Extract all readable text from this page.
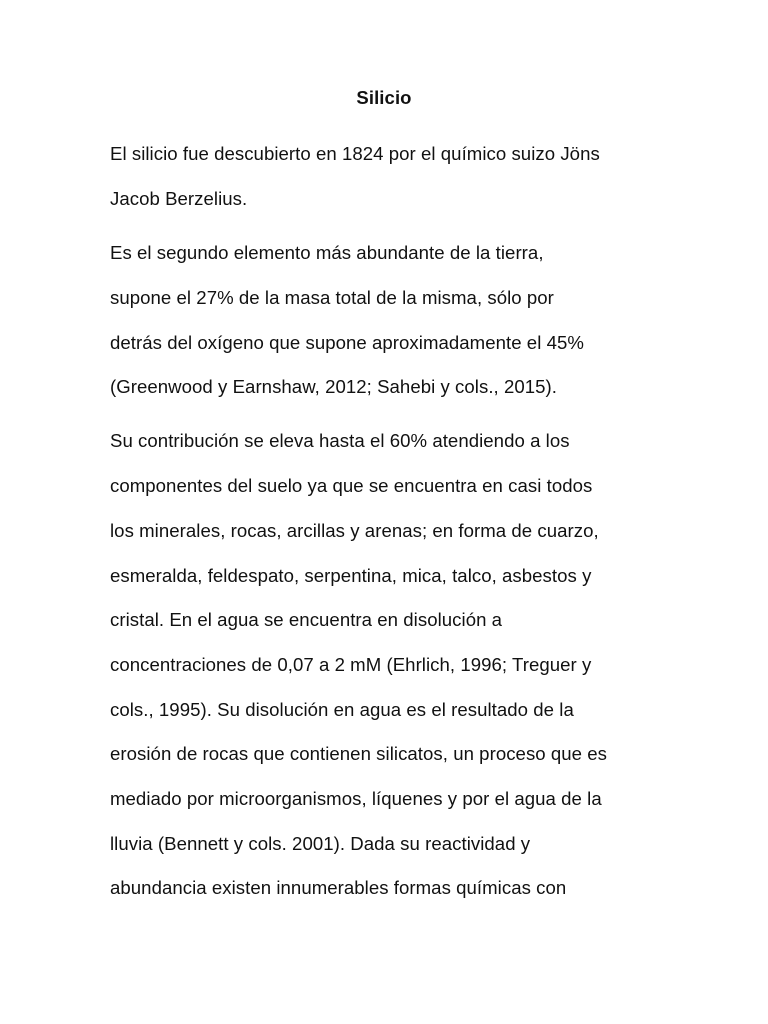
Silicio
El silicio fue descubierto en 1824 por el químico suizo Jöns
Jacob Berzelius.
Es el segundo elemento más abundante de la tierra,
supone el 27% de la masa total de la misma, sólo por
detrás del oxígeno que supone aproximadamente el 45%
(Greenwood y Earnshaw, 2012; Sahebi y cols., 2015).
Su contribución se eleva hasta el 60% atendiendo a los
componentes del suelo ya que se encuentra en casi todos
los minerales, rocas, arcillas y arenas; en forma de cuarzo,
esmeralda, feldespato, serpentina, mica, talco, asbestos y
cristal. En el agua se encuentra en disolución a
concentraciones de 0,07 a 2 mM (Ehrlich, 1996; Treguer y
cols., 1995). Su disolución en agua es el resultado de la
erosión de rocas que contienen silicatos, un proceso que es
mediado por microorganismos, líquenes y por el agua de la
lluvia (Bennett y cols. 2001). Dada su reactividad y
abundancia existen innumerables formas químicas con
